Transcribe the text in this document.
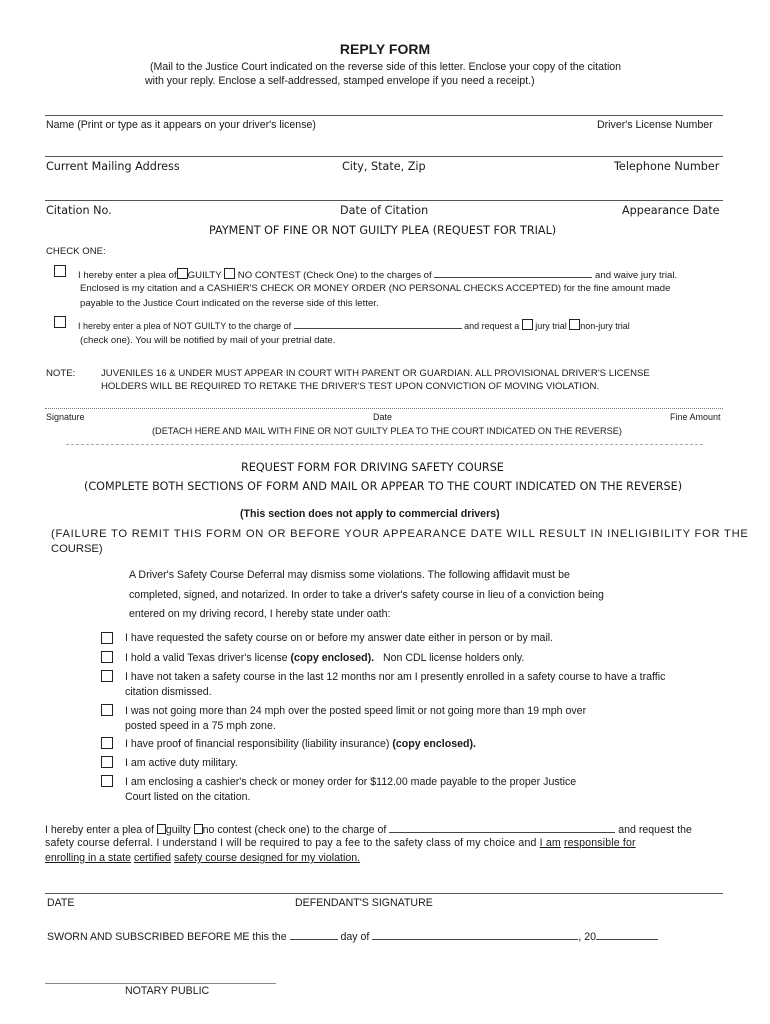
REPLY FORM
(Mail to the Justice Court indicated on the reverse side of this letter. Enclose your copy of the citation
with your reply. Enclose a self-addressed, stamped envelope if you need a receipt.)
Name (Print or type as it appears on your driver's license)	Driver's License Number
Current Mailing Address	City, State, Zip	Telephone Number
Citation No.	Date of Citation	Appearance Date
PAYMENT OF FINE OR NOT GUILTY PLEA (REQUEST FOR TRIAL)
CHECK ONE:
I hereby enter a plea of GUILTY NO CONTEST (Check One) to the charges of	and waive jury trial.
Enclosed is my citation and a CASHIER'S CHECK OR MONEY ORDER (NO PERSONAL CHECKS ACCEPTED) for the fine amount made
payable to the Justice Court indicated on the reverse side of this letter.
I hereby enter a plea of NOT GUILTY to the charge of	and request a jury trial non-jury trial
(check one). You will be notified by mail of your pretrial date.
NOTE:	JUVENILES 16 & UNDER MUST APPEAR IN COURT WITH PARENT OR GUARDIAN. ALL PROVISIONAL DRIVER'S LICENSE
HOLDERS WILL BE REQUIRED TO RETAKE THE DRIVER'S TEST UPON CONVICTION OF MOVING VIOLATION.
Signature	Date	Fine Amount
(DETACH HERE AND MAIL WITH FINE OR NOT GUILTY PLEA TO THE COURT INDICATED ON THE REVERSE)
REQUEST FORM FOR DRIVING SAFETY COURSE
(COMPLETE BOTH SECTIONS OF FORM AND MAIL OR APPEAR TO THE COURT INDICATED ON THE REVERSE)
(This section does not apply to commercial drivers)
(FAILURE TO REMIT THIS FORM ON OR BEFORE YOUR APPEARANCE DATE WILL RESULT IN INELIGIBILITY FOR THE
COURSE)
A Driver's Safety Course Deferral may dismiss some violations. The following affidavit must be
completed, signed, and notarized. In order to take a driver's safety course in lieu of a conviction being
entered on my driving record, I hereby state under oath:
I have requested the safety course on or before my answer date either in person or by mail.
I hold a valid Texas driver's license (copy enclosed).   Non CDL license holders only.
I have not taken a safety course in the last 12 months nor am I presently enrolled in a safety course to have a traffic
citation dismissed.
I was not going more than 24 mph over the posted speed limit or not going more than 19 mph over
posted speed in a 75 mph zone.
I have proof of financial responsibility (liability insurance) (copy enclosed).
I am active duty military.
I am enclosing a cashier's check or money order for $112.00 made payable to the proper Justice
Court listed on the citation.
I hereby enter a plea of guilty no contest (check one) to the charge of	and request the
safety course deferral. I understand I will be required to pay a fee to the safety class of my choice and I am responsible for
enrolling in a state certified safety course designed for my violation.
DATE	DEFENDANT'S SIGNATURE
SWORN AND SUBSCRIBED BEFORE ME this the	day of	, 20
NOTARY PUBLIC
